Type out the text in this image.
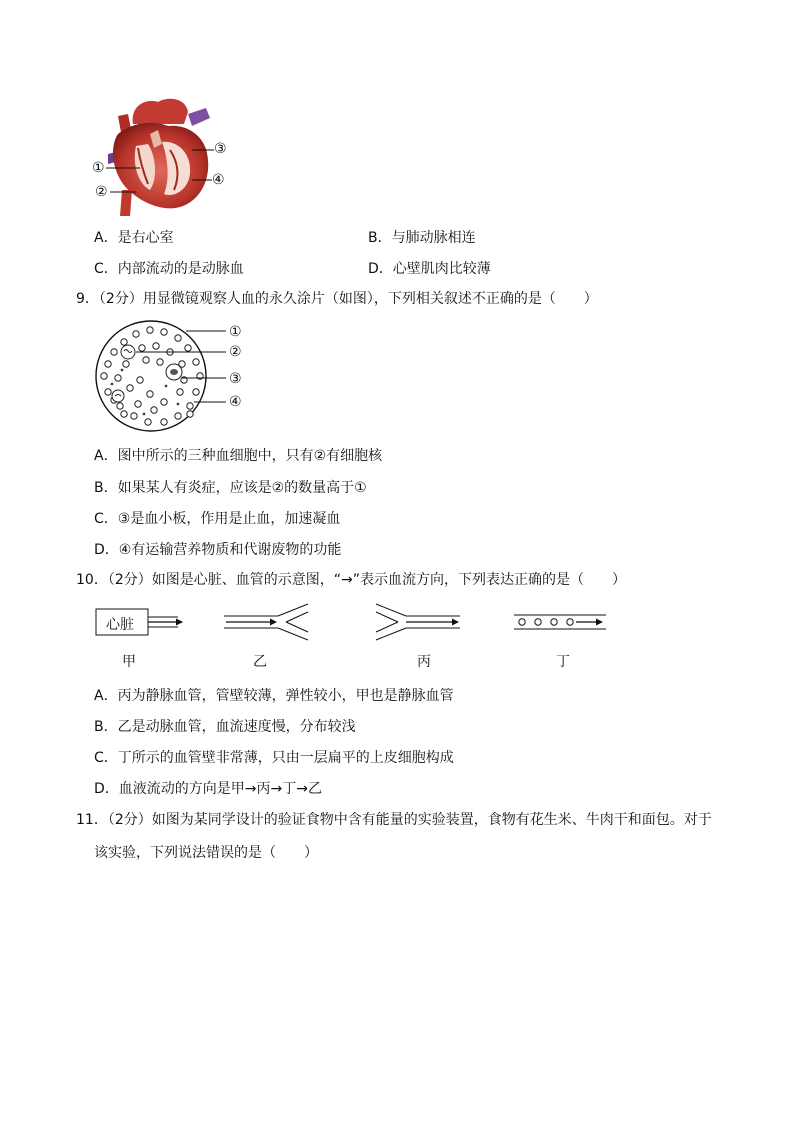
①
②
③
④
A．是右心室	B．与肺动脉相连
C．内部流动的是动脉血	D．心壁肌肉比较薄
9．（2分）用显微镜观察人血的永久涂片（如图），下列相关叙述不正确的是（　　）
①
②
③
④
A．图中所示的三种血细胞中，只有②有细胞核
B．如果某人有炎症，应该是②的数量高于①
C．③是血小板，作用是止血，加速凝血
D．④有运输营养物质和代谢废物的功能
10．（2分）如图是心脏、血管的示意图，“→”表示血流方向，下列表达正确的是（　　）
心脏
甲	乙	丙	丁
A．丙为静脉血管，管壁较薄，弹性较小，甲也是静脉血管
B．乙是动脉血管，血流速度慢，分布较浅
C．丁所示的血管壁非常薄，只由一层扁平的上皮细胞构成
D．血液流动的方向是甲→丙→丁→乙
11．（2分）如图为某同学设计的验证食物中含有能量的实验装置，食物有花生米、牛肉干和面包。对于
该实验，下列说法错误的是（　　）
